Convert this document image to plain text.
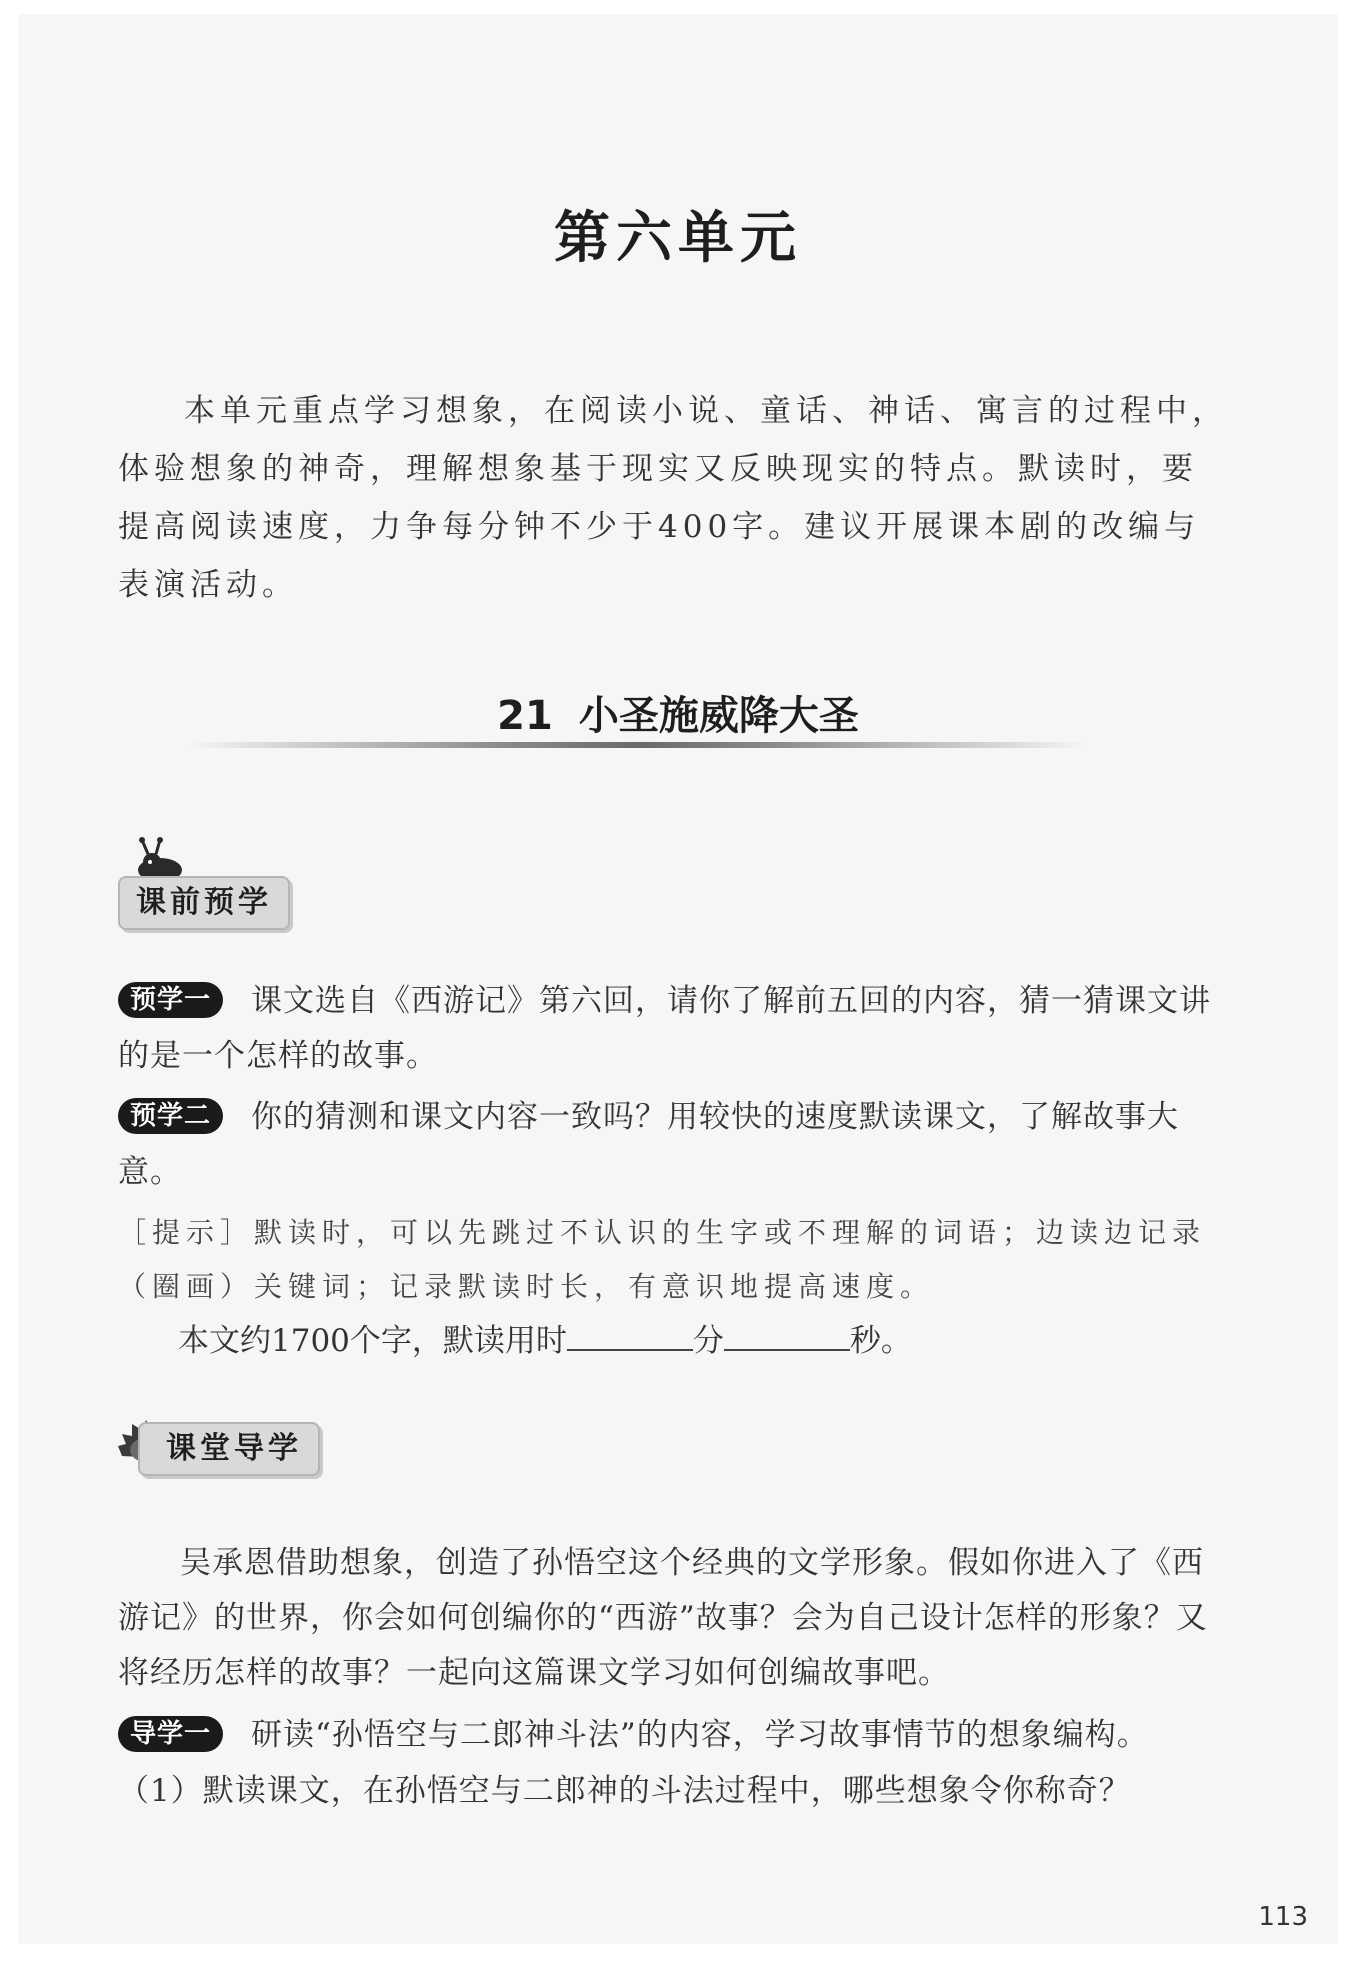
第六单元
本单元重点学习想象，在阅读小说、童话、神话、寓言的过程中，体验想象的神奇，理解想象基于现实又反映现实的特点。默读时，要提高阅读速度，力争每分钟不少于400字。建议开展课本剧的改编与表演活动。
21 小圣施威降大圣
课前预学
预学一 课文选自《西游记》第六回，请你了解前五回的内容，猜一猜课文讲的是一个怎样的故事。
预学二 你的猜测和课文内容一致吗？用较快的速度默读课文，了解故事大意。
［提示］默读时，可以先跳过不认识的生字或不理解的词语；边读边记录（圈画）关键词；记录默读时长，有意识地提高速度。
本文约1700个字，默读用时	分	秒。
课堂导学
吴承恩借助想象，创造了孙悟空这个经典的文学形象。假如你进入了《西游记》的世界，你会如何创编你的“西游”故事？会为自己设计怎样的形象？又将经历怎样的故事？一起向这篇课文学习如何创编故事吧。
导学一 研读“孙悟空与二郎神斗法”的内容，学习故事情节的想象编构。
（1）默读课文，在孙悟空与二郎神的斗法过程中，哪些想象令你称奇？
113
